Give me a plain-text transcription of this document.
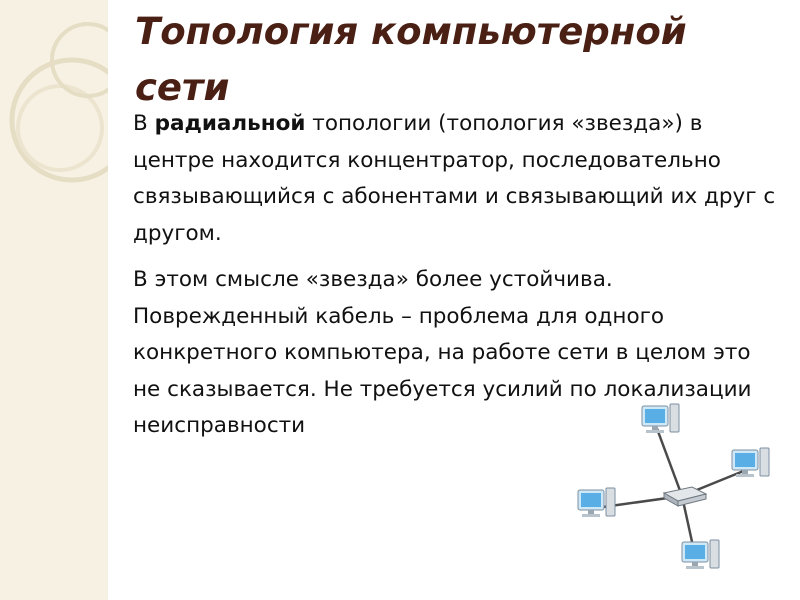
Топология компьютерной сети

В радиальной топологии (топология «звезда») в центре находится концентратор, последовательно связывающийся с абонентами и связывающий их друг с другом.

В этом смысле «звезда» более устойчива. Поврежденный кабель – проблема для одного конкретного компьютера, на работе сети в целом это не сказывается. Не требуется усилий по локализации неисправности
